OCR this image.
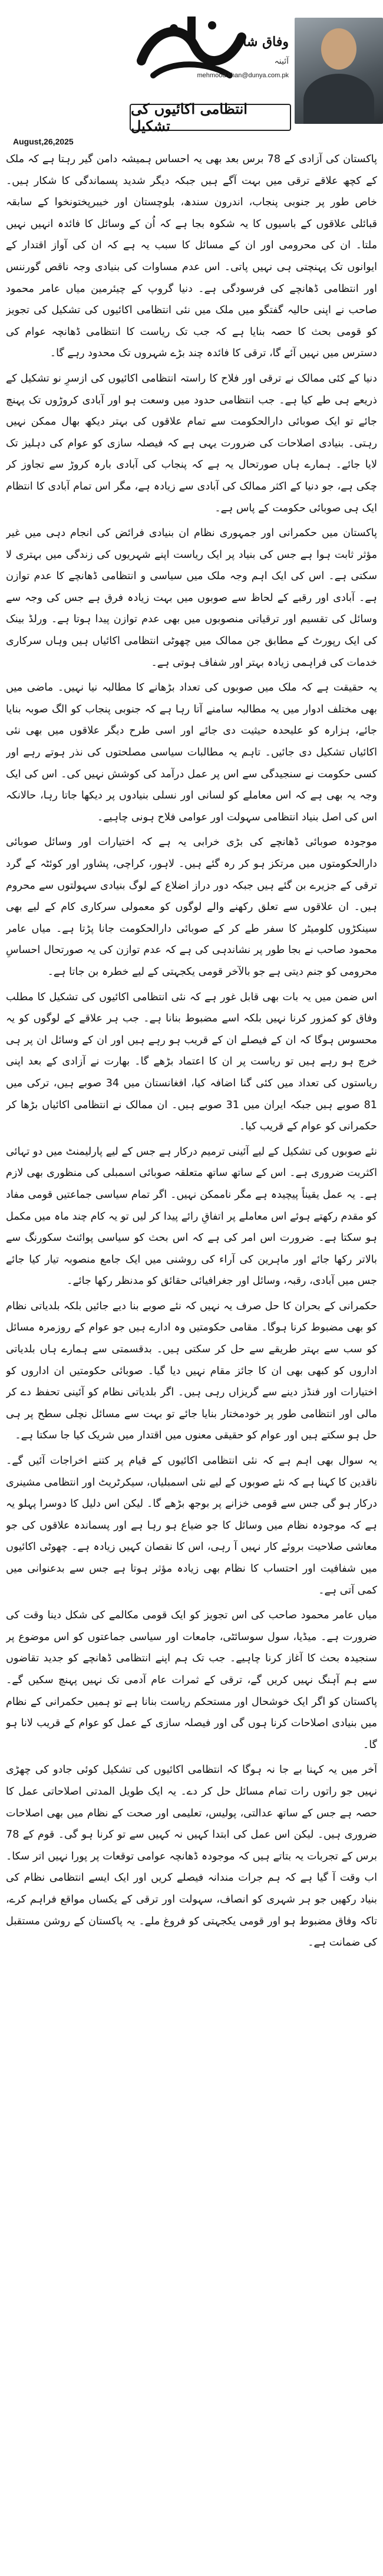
وفاق شاہ
آئینہ
mehmood.khan@dunya.com.pk
انتظامی اکائیوں کی تشکیل
August,26,2025

پاکستان کی آزادی کے 78 برس بعد بھی یہ احساس ہمیشہ دامن گیر رہتا ہے کہ ملک کے کچھ علاقے ترقی میں بہت آگے ہیں جبکہ دیگر شدید پسماندگی کا شکار ہیں۔ خاص طور پر جنوبی پنجاب، اندرون سندھ، بلوچستان اور خیبرپختونخوا کے سابقہ قبائلی علاقوں کے باسیوں کا یہ شکوہ بجا ہے کہ اُن کے وسائل کا فائدہ انہیں نہیں ملتا۔ ان کی محرومی اور ان کے مسائل کا سبب یہ ہے کہ ان کی آواز اقتدار کے ایوانوں تک پہنچتی ہی نہیں پاتی۔ اس عدم مساوات کی بنیادی وجہ ناقص گورننس اور انتظامی ڈھانچے کی فرسودگی ہے۔ دنیا گروپ کے چیئرمین میاں عامر محمود صاحب نے اپنی حالیہ گفتگو میں ملک میں نئی انتظامی اکائیوں کی تشکیل کی تجویز کو قومی بحث کا حصہ بنایا ہے کہ جب تک ریاست کا انتظامی ڈھانچہ عوام کی دسترس میں نہیں آئے گا، ترقی کا فائدہ چند بڑے شہروں تک محدود رہے گا۔

دنیا کے کئی ممالک نے ترقی اور فلاح کا راستہ انتظامی اکائیوں کی ازسرِ نو تشکیل کے ذریعے ہی طے کیا ہے۔ جب انتظامی حدود میں وسعت ہو اور آبادی کروڑوں تک پہنچ جائے تو ایک صوبائی دارالحکومت سے تمام علاقوں کی بہتر دیکھ بھال ممکن نہیں رہتی۔ بنیادی اصلاحات کی ضرورت یہی ہے کہ فیصلہ سازی کو عوام کی دہلیز تک لایا جائے۔ ہمارے ہاں صورتحال یہ ہے کہ پنجاب کی آبادی بارہ کروڑ سے تجاوز کر چکی ہے، جو دنیا کے اکثر ممالک کی آبادی سے زیادہ ہے، مگر اس تمام آبادی کا انتظام ایک ہی صوبائی حکومت کے پاس ہے۔

پاکستان میں حکمرانی اور جمہوری نظام ان بنیادی فرائض کی انجام دہی میں غیر مؤثر ثابت ہوا ہے جس کی بنیاد پر ایک ریاست اپنے شہریوں کی زندگی میں بہتری لا سکتی ہے۔ اس کی ایک اہم وجہ ملک میں سیاسی و انتظامی ڈھانچے کا عدم توازن ہے۔ آبادی اور رقبے کے لحاظ سے صوبوں میں بہت زیادہ فرق ہے جس کی وجہ سے وسائل کی تقسیم اور ترقیاتی منصوبوں میں بھی عدم توازن پیدا ہوتا ہے۔ ورلڈ بینک کی ایک رپورٹ کے مطابق جن ممالک میں چھوٹی انتظامی اکائیاں ہیں وہاں سرکاری خدمات کی فراہمی زیادہ بہتر اور شفاف ہوتی ہے۔

یہ حقیقت ہے کہ ملک میں صوبوں کی تعداد بڑھانے کا مطالبہ نیا نہیں۔ ماضی میں بھی مختلف ادوار میں یہ مطالبہ سامنے آتا رہا ہے کہ جنوبی پنجاب کو الگ صوبہ بنایا جائے، ہزارہ کو علیحدہ حیثیت دی جائے اور اسی طرح دیگر علاقوں میں بھی نئی اکائیاں تشکیل دی جائیں۔ تاہم یہ مطالبات سیاسی مصلحتوں کی نذر ہوتے رہے اور کسی حکومت نے سنجیدگی سے اس پر عمل درآمد کی کوشش نہیں کی۔ اس کی ایک وجہ یہ بھی ہے کہ اس معاملے کو لسانی اور نسلی بنیادوں پر دیکھا جاتا رہا، حالانکہ اس کی اصل بنیاد انتظامی سہولت اور عوامی فلاح ہونی چاہیے۔

موجودہ صوبائی ڈھانچے کی بڑی خرابی یہ ہے کہ اختیارات اور وسائل صوبائی دارالحکومتوں میں مرتکز ہو کر رہ گئے ہیں۔ لاہور، کراچی، پشاور اور کوئٹہ کے گرد ترقی کے جزیرے بن گئے ہیں جبکہ دور دراز اضلاع کے لوگ بنیادی سہولتوں سے محروم ہیں۔ ان علاقوں سے تعلق رکھنے والے لوگوں کو معمولی سرکاری کام کے لیے بھی سینکڑوں کلومیٹر کا سفر طے کر کے صوبائی دارالحکومت جانا پڑتا ہے۔ میاں عامر محمود صاحب نے بجا طور پر نشاندہی کی ہے کہ عدم توازن کی یہ صورتحال احساسِ محرومی کو جنم دیتی ہے جو بالآخر قومی یکجہتی کے لیے خطرہ بن جاتا ہے۔

اس ضمن میں یہ بات بھی قابل غور ہے کہ نئی انتظامی اکائیوں کی تشکیل کا مطلب وفاق کو کمزور کرنا نہیں بلکہ اسے مضبوط بنانا ہے۔ جب ہر علاقے کے لوگوں کو یہ محسوس ہوگا کہ ان کے فیصلے ان کے قریب ہو رہے ہیں اور ان کے وسائل ان پر ہی خرچ ہو رہے ہیں تو ریاست پر ان کا اعتماد بڑھے گا۔ بھارت نے آزادی کے بعد اپنی ریاستوں کی تعداد میں کئی گنا اضافہ کیا، افغانستان میں 34 صوبے ہیں، ترکی میں 81 صوبے ہیں جبکہ ایران میں 31 صوبے ہیں۔ ان ممالک نے انتظامی اکائیاں بڑھا کر حکمرانی کو عوام کے قریب کیا۔

نئے صوبوں کی تشکیل کے لیے آئینی ترمیم درکار ہے جس کے لیے پارلیمنٹ میں دو تہائی اکثریت ضروری ہے۔ اس کے ساتھ ساتھ متعلقہ صوبائی اسمبلی کی منظوری بھی لازم ہے۔ یہ عمل یقیناً پیچیدہ ہے مگر ناممکن نہیں۔ اگر تمام سیاسی جماعتیں قومی مفاد کو مقدم رکھتے ہوئے اس معاملے پر اتفاقِ رائے پیدا کر لیں تو یہ کام چند ماہ میں مکمل ہو سکتا ہے۔ ضرورت اس امر کی ہے کہ اس بحث کو سیاسی پوائنٹ سکورنگ سے بالاتر رکھا جائے اور ماہرین کی آراء کی روشنی میں ایک جامع منصوبہ تیار کیا جائے جس میں آبادی، رقبہ، وسائل اور جغرافیائی حقائق کو مدنظر رکھا جائے۔

حکمرانی کے بحران کا حل صرف یہ نہیں کہ نئے صوبے بنا دیے جائیں بلکہ بلدیاتی نظام کو بھی مضبوط کرنا ہوگا۔ مقامی حکومتیں وہ ادارے ہیں جو عوام کے روزمرہ مسائل کو سب سے بہتر طریقے سے حل کر سکتی ہیں۔ بدقسمتی سے ہمارے ہاں بلدیاتی اداروں کو کبھی بھی ان کا جائز مقام نہیں دیا گیا۔ صوبائی حکومتیں ان اداروں کو اختیارات اور فنڈز دینے سے گریزاں رہی ہیں۔ اگر بلدیاتی نظام کو آئینی تحفظ دے کر مالی اور انتظامی طور پر خودمختار بنایا جائے تو بہت سے مسائل نچلی سطح پر ہی حل ہو سکتے ہیں اور عوام کو حقیقی معنوں میں اقتدار میں شریک کیا جا سکتا ہے۔

یہ سوال بھی اہم ہے کہ نئی انتظامی اکائیوں کے قیام پر کتنے اخراجات آئیں گے۔ ناقدین کا کہنا ہے کہ نئے صوبوں کے لیے نئی اسمبلیاں، سیکرٹریٹ اور انتظامی مشینری درکار ہو گی جس سے قومی خزانے پر بوجھ بڑھے گا۔ لیکن اس دلیل کا دوسرا پہلو یہ ہے کہ موجودہ نظام میں وسائل کا جو ضیاع ہو رہا ہے اور پسماندہ علاقوں کی جو معاشی صلاحیت بروئے کار نہیں آ رہی، اس کا نقصان کہیں زیادہ ہے۔ چھوٹی اکائیوں میں شفافیت اور احتساب کا نظام بھی زیادہ مؤثر ہوتا ہے جس سے بدعنوانی میں کمی آتی ہے۔

میاں عامر محمود صاحب کی اس تجویز کو ایک قومی مکالمے کی شکل دینا وقت کی ضرورت ہے۔ میڈیا، سول سوسائٹی، جامعات اور سیاسی جماعتوں کو اس موضوع پر سنجیدہ بحث کا آغاز کرنا چاہیے۔ جب تک ہم اپنے انتظامی ڈھانچے کو جدید تقاضوں سے ہم آہنگ نہیں کریں گے، ترقی کے ثمرات عام آدمی تک نہیں پہنچ سکیں گے۔ پاکستان کو اگر ایک خوشحال اور مستحکم ریاست بنانا ہے تو ہمیں حکمرانی کے نظام میں بنیادی اصلاحات کرنا ہوں گی اور فیصلہ سازی کے عمل کو عوام کے قریب لانا ہو گا۔

آخر میں یہ کہنا بے جا نہ ہوگا کہ انتظامی اکائیوں کی تشکیل کوئی جادو کی چھڑی نہیں جو راتوں رات تمام مسائل حل کر دے۔ یہ ایک طویل المدتی اصلاحاتی عمل کا حصہ ہے جس کے ساتھ عدالتی، پولیس، تعلیمی اور صحت کے نظام میں بھی اصلاحات ضروری ہیں۔ لیکن اس عمل کی ابتدا کہیں نہ کہیں سے تو کرنا ہو گی۔ قوم کے 78 برس کے تجربات یہ بتاتے ہیں کہ موجودہ ڈھانچہ عوامی توقعات پر پورا نہیں اتر سکا۔ اب وقت آ گیا ہے کہ ہم جرات مندانہ فیصلے کریں اور ایک ایسے انتظامی نظام کی بنیاد رکھیں جو ہر شہری کو انصاف، سہولت اور ترقی کے یکساں مواقع فراہم کرے، تاکہ وفاق مضبوط ہو اور قومی یکجہتی کو فروغ ملے۔ یہ پاکستان کے روشن مستقبل کی ضمانت ہے۔
